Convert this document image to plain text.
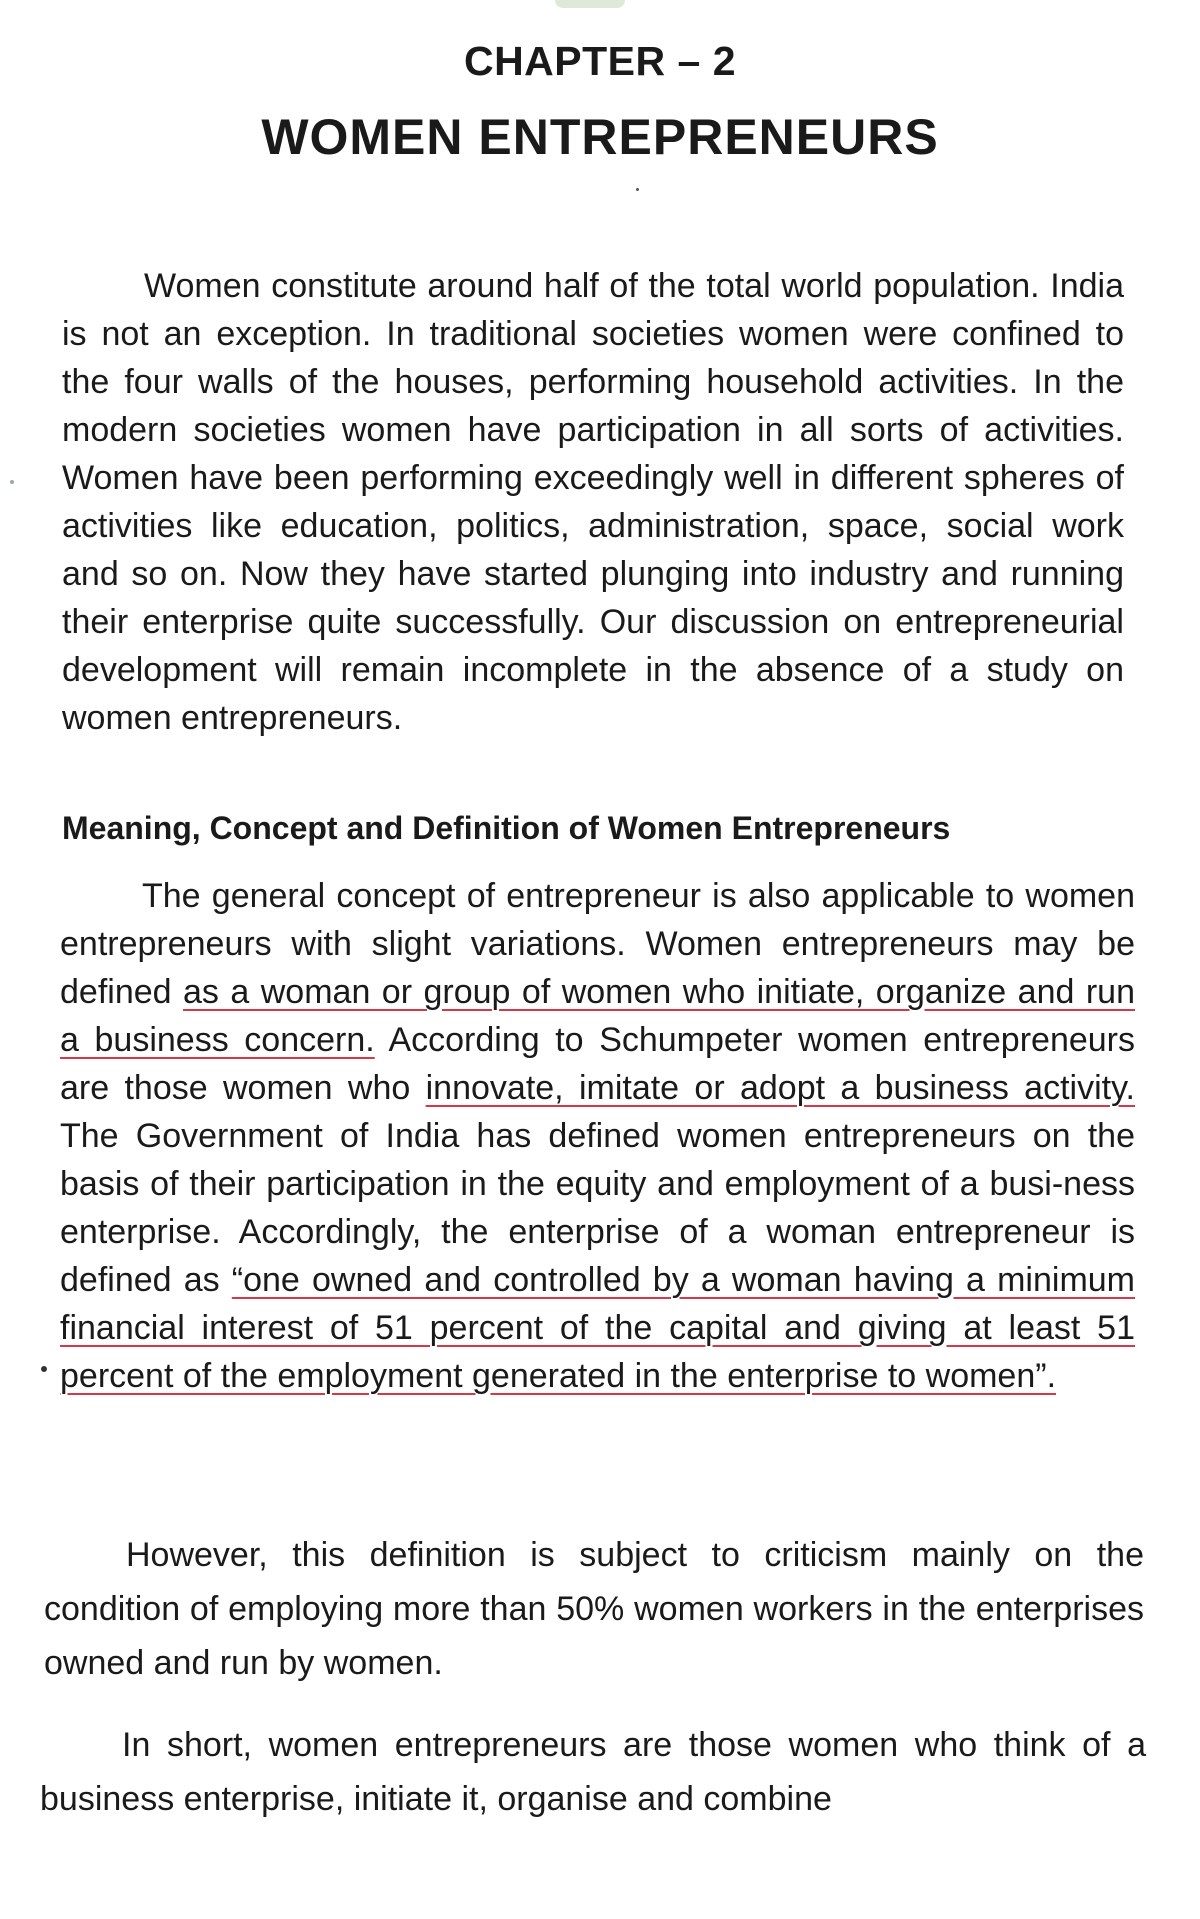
CHAPTER – 2
WOMEN ENTREPRENEURS

Women constitute around half of the total world population. India is not an exception. In traditional societies women were confined to the four walls of the houses, performing household activities. In the modern societies women have participation in all sorts of activities. Women have been performing exceedingly well in different spheres of activities like education, politics, administration, space, social work and so on. Now they have started plunging into industry and running their enterprise quite successfully. Our discussion on entrepreneurial development will remain incomplete in the absence of a study on women entrepreneurs.

Meaning, Concept and Definition of Women Entrepreneurs

The general concept of entrepreneur is also applicable to women entrepreneurs with slight variations. Women entrepreneurs may be defined as a woman or group of women who initiate, organize and run a business concern. According to Schumpeter women entrepreneurs are those women who innovate, imitate or adopt a business activity. The Government of India has defined women entrepreneurs on the basis of their participation in the equity and employment of a busi-ness enterprise. Accordingly, the enterprise of a woman entrepreneur is defined as “one owned and controlled by a woman having a minimum financial interest of 51 percent of the capital and giving at least 51 percent of the employment generated in the enterprise to women”.

However, this definition is subject to criticism mainly on the condition of employing more than 50% women workers in the enterprises owned and run by women.

In short, women entrepreneurs are those women who think of a business enterprise, initiate it, organise and combine
